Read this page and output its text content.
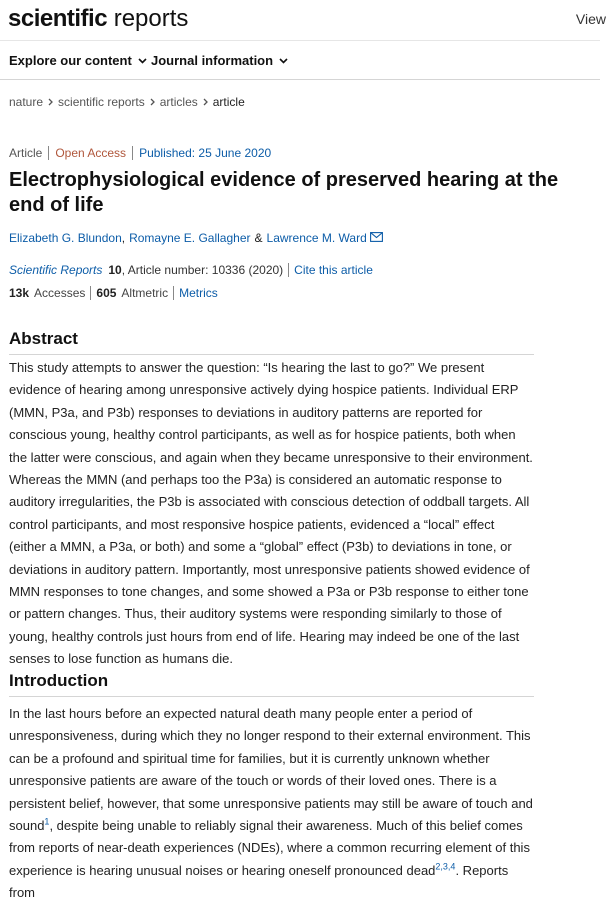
scientific reports	View
Explore our content Journal information
nature scientific reports articles article
Article Open Access Published: 25 June 2020
Electrophysiological evidence of preserved hearing at the end of life
Elizabeth G. Blundon , Romayne E. Gallagher & Lawrence M. Ward
Scientific Reports 10 , Article number: 10336 (2020) Cite this article
13k Accesses 605 Altmetric Metrics
Abstract

This study attempts to answer the question: “Is hearing the last to go?” We present evidence of hearing among unresponsive actively dying hospice patients. Individual ERP (MMN, P3a, and P3b) responses to deviations in auditory patterns are reported for conscious young, healthy control participants, as well as for hospice patients, both when the latter were conscious, and again when they became unresponsive to their environment. Whereas the MMN (and perhaps too the P3a) is considered an automatic response to auditory irregularities, the P3b is associated with conscious detection of oddball targets. All control participants, and most responsive hospice patients, evidenced a “local” effect (either a MMN, a P3a, or both) and some a “global” effect (P3b) to deviations in tone, or deviations in auditory pattern. Importantly, most unresponsive patients showed evidence of MMN responses to tone changes, and some showed a P3a or P3b response to either tone or pattern changes. Thus, their auditory systems were responding similarly to those of young, healthy controls just hours from end of life. Hearing may indeed be one of the last senses to lose function as humans die.

Introduction

In the last hours before an expected natural death many people enter a period of unresponsiveness, during which they no longer respond to their external environment. This can be a profound and spiritual time for families, but it is currently unknown whether unresponsive patients are aware of the touch or words of their loved ones. There is a persistent belief, however, that some unresponsive patients may still be aware of touch and sound$^1$, despite being unable to reliably signal their awareness. Much of this belief comes from reports of near-death experiences (NDEs), where a common recurring element of this experience is hearing unusual noises or hearing oneself pronounced dead$^{2,3,4}$. Reports from
